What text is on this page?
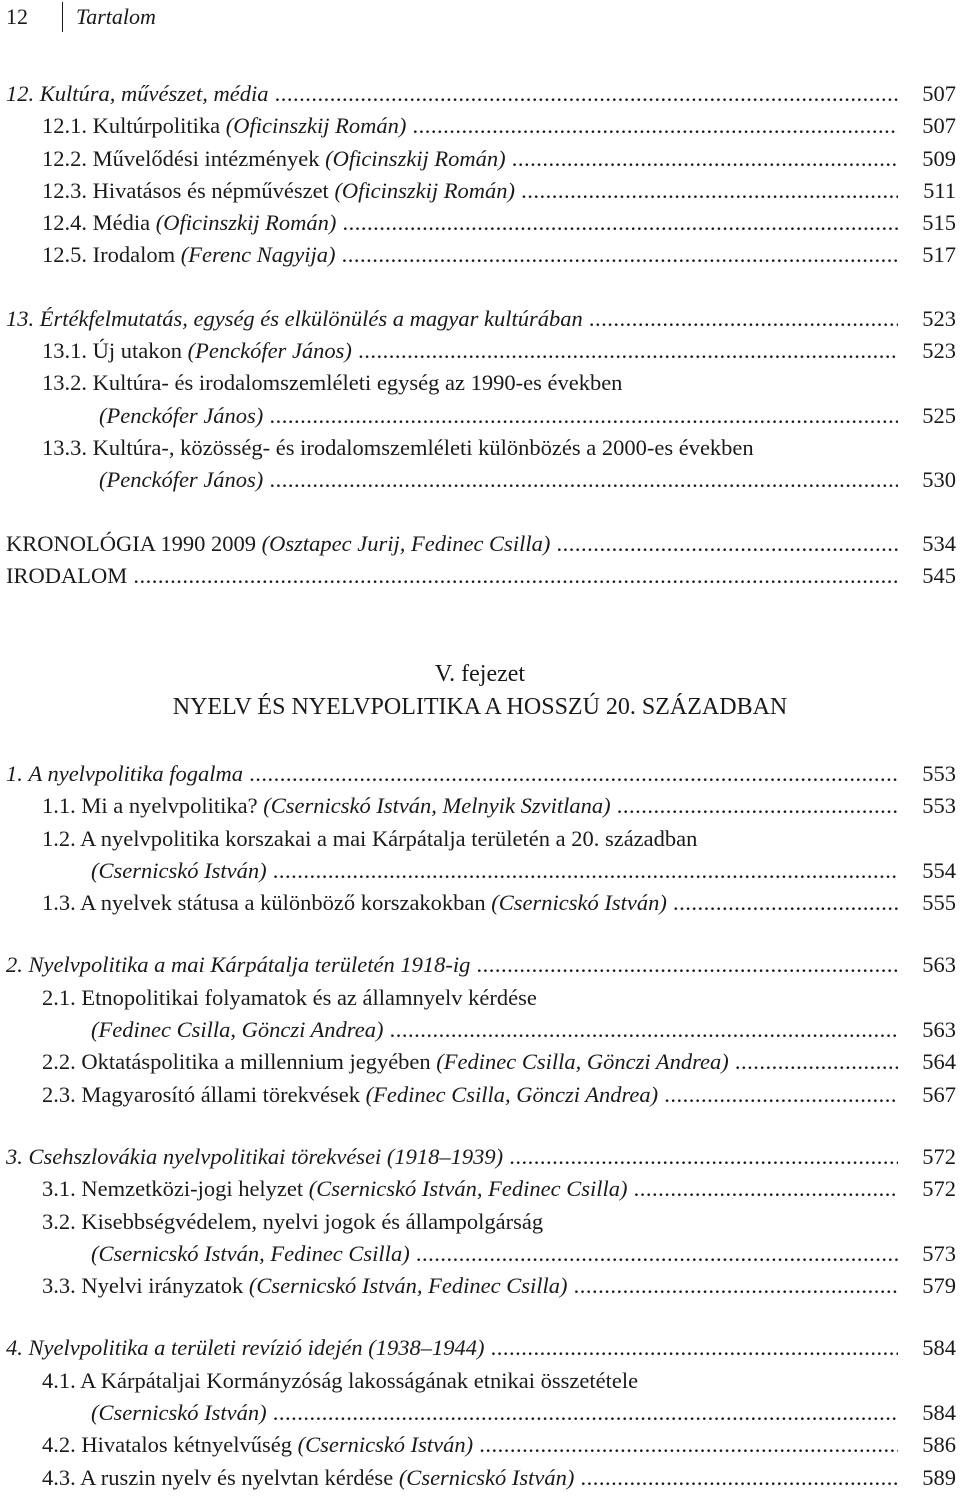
12 Tartalom
12. Kultúra, művészet, média .....	507
12.1. Kultúrpolitika (Oficinszkij Román) .....	507
12.2. Művelődési intézmények (Oficinszkij Román) .....	509
12.3. Hivatásos és népművészet (Oficinszkij Román) .....	511
12.4. Média (Oficinszkij Román) .....	515
12.5. Irodalom (Ferenc Nagyija) .....	517
13. Értékfelmutatás, egység és elkülönülés a magyar kultúrában .....	523
13.1. Új utakon (Penckófer János) .....	523
13.2. Kultúra- és irodalomszemléleti egység az 1990-es években
(Penckófer János) .....	525
13.3. Kultúra-, közösség- és irodalomszemléleti különbözés a 2000-es években
(Penckófer János) .....	530
KRONOLÓGIA 1990 2009 (Osztapec Jurij, Fedinec Csilla) .....	534
IRODALOM .....	545
V. fejezet
NYELV ÉS NYELVPOLITIKA A HOSSZÚ 20. SZÁZADBAN
1. A nyelvpolitika fogalma .....	553
1.1. Mi a nyelvpolitika? (Csernicskó István, Melnyik Szvitlana) .....	553
1.2. A nyelvpolitika korszakai a mai Kárpátalja területén a 20. században
(Csernicskó István) .....	554
1.3. A nyelvek státusa a különböző korszakokban (Csernicskó István) .....	555
2. Nyelvpolitika a mai Kárpátalja területén 1918-ig .....	563
2.1. Etnopolitikai folyamatok és az államnyelv kérdése
(Fedinec Csilla, Gönczi Andrea) .....	563
2.2. Oktatáspolitika a millennium jegyében (Fedinec Csilla, Gönczi Andrea) .....	564
2.3. Magyarosító állami törekvések (Fedinec Csilla, Gönczi Andrea) .....	567
3. Csehszlovákia nyelvpolitikai törekvései (1918–1939) .....	572
3.1. Nemzetközi-jogi helyzet (Csernicskó István, Fedinec Csilla) .....	572
3.2. Kisebbségvédelem, nyelvi jogok és állampolgárság
(Csernicskó István, Fedinec Csilla) .....	573
3.3. Nyelvi irányzatok (Csernicskó István, Fedinec Csilla) .....	579
4. Nyelvpolitika a területi revízió idején (1938–1944) .....	584
4.1. A Kárpátaljai Kormányzóság lakosságának etnikai összetétele
(Csernicskó István) .....	584
4.2. Hivatalos kétnyelvűség (Csernicskó István) .....	586
4.3. A ruszin nyelv és nyelvtan kérdése (Csernicskó István) .....	589
